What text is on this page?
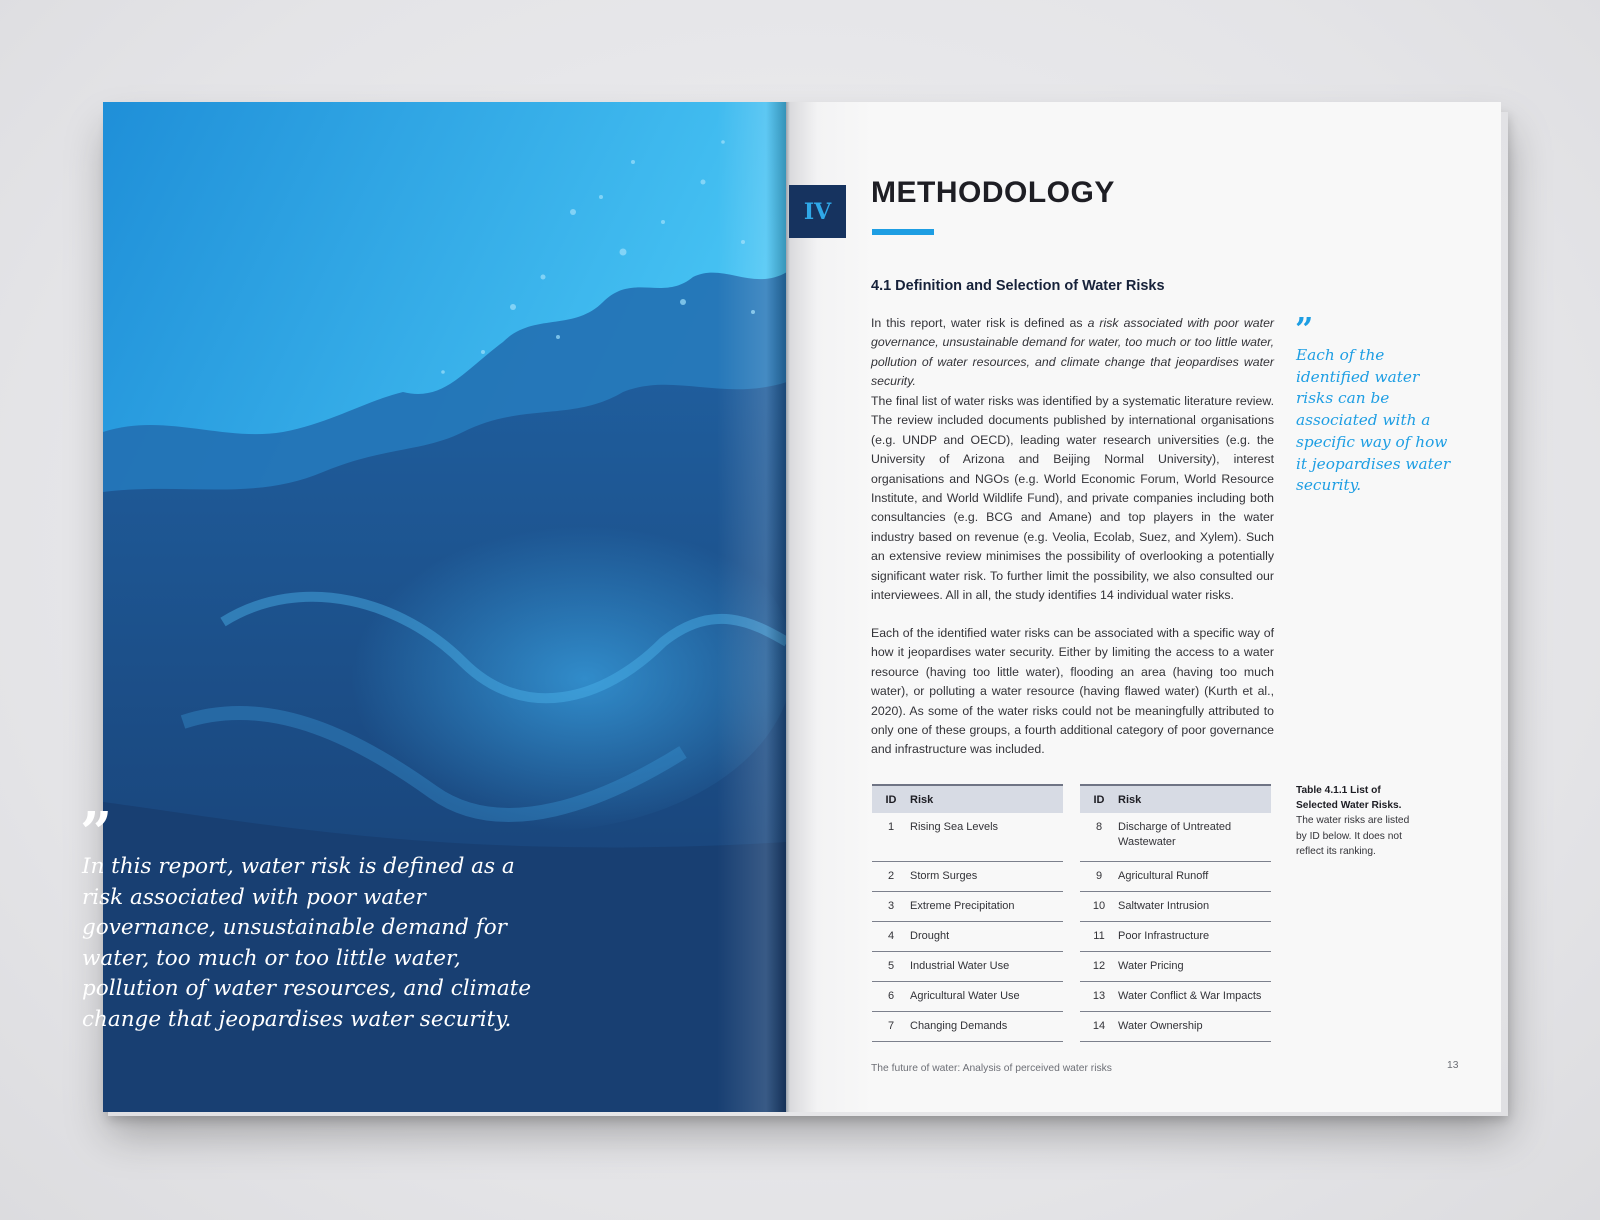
”
In this report, water risk is defined as a risk associated with poor water governance, unsustainable demand for water, too much or too little water, pollution of water resources, and climate change that jeopardises water security.
IV
METHODOLOGY
4.1 Definition and Selection of Water Risks
In this report, water risk is defined as a risk associated with poor water governance, unsustainable demand for water, too much or too little water, pollution of water resources, and climate change that jeopardises water security.
The final list of water risks was identified by a systematic literature review. The review included documents published by international organisations (e.g. UNDP and OECD), leading water research universities (e.g. the University of Arizona and Beijing Normal University), interest organisations and NGOs (e.g. World Economic Forum, World Resource Institute, and World Wildlife Fund), and private companies including both consultancies (e.g. BCG and Amane) and top players in the water industry based on revenue (e.g. Veolia, Ecolab, Suez, and Xylem). Such an extensive review minimises the possibility of overlooking a potentially significant water risk. To further limit the possibility, we also consulted our interviewees. All in all, the study identifies 14 individual water risks.
Each of the identified water risks can be associated with a specific way of how it jeopardises water security. Either by limiting the access to a water resource (having too little water), flooding an area (having too much water), or polluting a water resource (having flawed water) (Kurth et al., 2020). As some of the water risks could not be meaningfully attributed to only one of these groups, a fourth additional category of poor governance and infrastructure was included.
”
Each of the identified water risks can be associated with a specific way of how it jeopardises water security.
ID	Risk
1	Rising Sea Levels
2	Storm Surges
3	Extreme Precipitation
4	Drought
5	Industrial Water Use
6	Agricultural Water Use
7	Changing Demands
ID	Risk
8	Discharge of Untreated Wastewater
9	Agricultural Runoff
10	Saltwater Intrusion
11	Poor Infrastructure
12	Water Pricing
13	Water Conflict & War Impacts
14	Water Ownership
Table 4.1.1 List of Selected Water Risks.
The water risks are listed by ID below. It does not reflect its ranking.
The future of water: Analysis of perceived water risks	13
